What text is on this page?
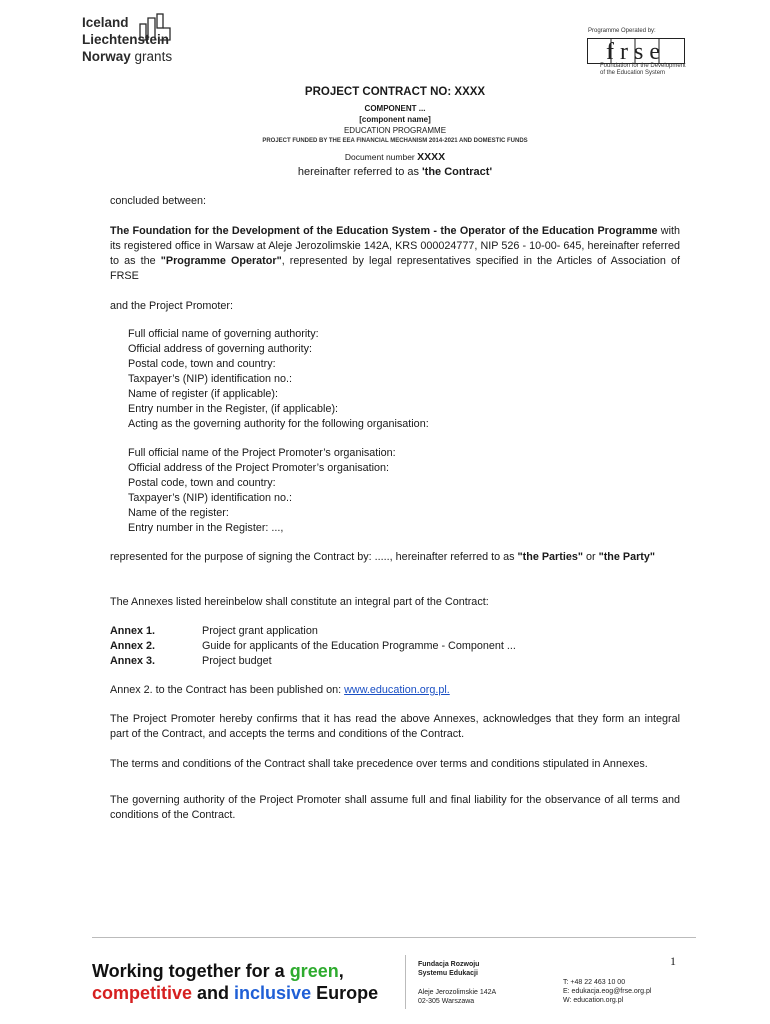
Iceland
Liechtenstein
Norway grants
Programme Operated by:
frse
Foundation for the Development
of the Education System
PROJECT CONTRACT NO: XXXX
COMPONENT ...
[component name]
EDUCATION PROGRAMME
PROJECT FUNDED BY THE EEA FINANCIAL MECHANISM 2014-2021 AND DOMESTIC FUNDS
Document number XXXX
hereinafter referred to as 'the Contract'
concluded between:
The Foundation for the Development of the Education System - the Operator of the Education Programme with its registered office in Warsaw at Aleje Jerozolimskie 142A, KRS 000024777, NIP 526 - 10-00- 645, hereinafter referred to as the "Programme Operator", represented by legal representatives specified in the Articles of Association of FRSE
and the Project Promoter:
Full official name of governing authority:
Official address of governing authority:
Postal code, town and country:
Taxpayer’s (NIP) identification no.:
Name of register (if applicable):
Entry number in the Register, (if applicable):
Acting as the governing authority for the following organisation:
Full official name of the Project Promoter’s organisation:
Official address of the Project Promoter’s organisation:
Postal code, town and country:
Taxpayer’s (NIP) identification no.:
Name of the register:
Entry number in the Register: ...,
represented for the purpose of signing the Contract by: ....., hereinafter referred to as "the Parties" or "the Party"
The Annexes listed hereinbelow shall constitute an integral part of the Contract:
Annex 1.	Project grant application
Annex 2.	Guide for applicants of the Education Programme - Component ...
Annex 3.	Project budget
Annex 2. to the Contract has been published on: www.education.org.pl.
The Project Promoter hereby confirms that it has read the above Annexes, acknowledges that they form an integral part of the Contract, and accepts the terms and conditions of the Contract.
The terms and conditions of the Contract shall take precedence over terms and conditions stipulated in Annexes.
The governing authority of the Project Promoter shall assume full and final liability for the observance of all terms and conditions of the Contract.
1
Working together for a green,
competitive and inclusive Europe
Fundacja Rozwoju
Systemu Edukacji
Aleje Jerozolimskie 142A
02-305 Warszawa
T: +48 22 463 10 00
E: edukacja.eog@frse.org.pl
W: education.org.pl
